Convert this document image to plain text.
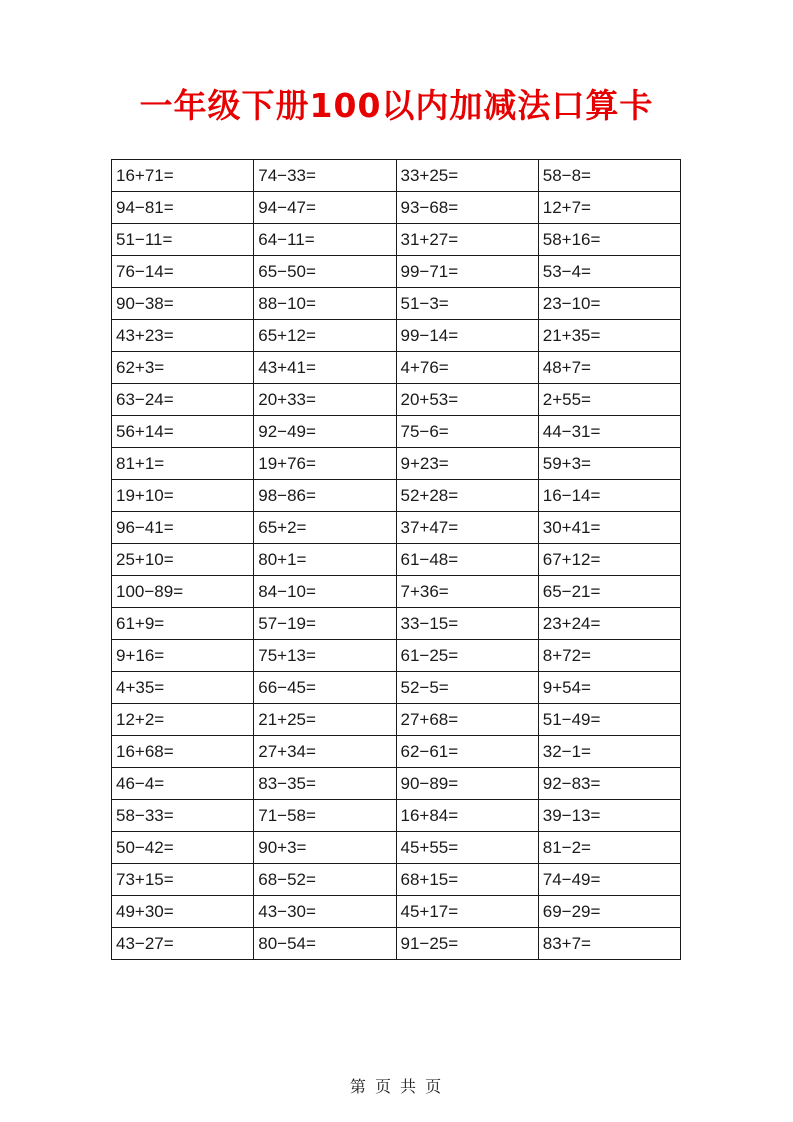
一年级下册100以内加减法口算卡
16+71=	74−33=	33+25=	58−8=
94−81=	94−47=	93−68=	12+7=
51−11=	64−11=	31+27=	58+16=
76−14=	65−50=	99−71=	53−4=
90−38=	88−10=	51−3=	23−10=
43+23=	65+12=	99−14=	21+35=
62+3=	43+41=	4+76=	48+7=
63−24=	20+33=	20+53=	2+55=
56+14=	92−49=	75−6=	44−31=
81+1=	19+76=	9+23=	59+3=
19+10=	98−86=	52+28=	16−14=
96−41=	65+2=	37+47=	30+41=
25+10=	80+1=	61−48=	67+12=
100−89=	84−10=	7+36=	65−21=
61+9=	57−19=	33−15=	23+24=
9+16=	75+13=	61−25=	8+72=
4+35=	66−45=	52−5=	9+54=
12+2=	21+25=	27+68=	51−49=
16+68=	27+34=	62−61=	32−1=
46−4=	83−35=	90−89=	92−83=
58−33=	71−58=	16+84=	39−13=
50−42=	90+3=	45+55=	81−2=
73+15=	68−52=	68+15=	74−49=
49+30=	43−30=	45+17=	69−29=
43−27=	80−54=	91−25=	83+7=
第 页 共 页
